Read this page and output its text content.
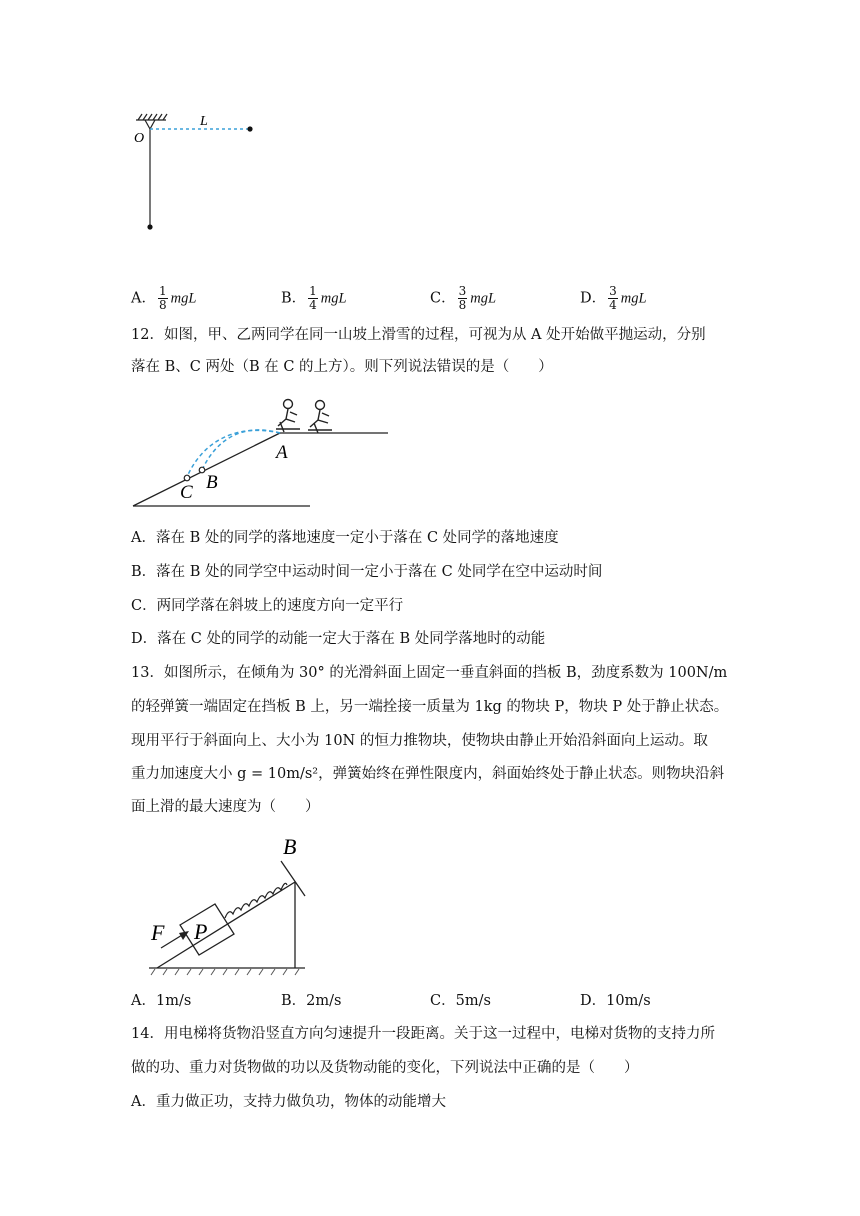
O
L
A． $\frac{1}{8}$ mgL	B． $\frac{1}{4}$ mgL	C． $\frac{3}{8}$ mgL	D． $\frac{3}{4}$ mgL
12．如图，甲、乙两同学在同一山坡上滑雪的过程，可视为从 A 处开始做平抛运动，分别
落在 B、C 两处（B 在 C 的上方）。则下列说法错误的是（　　）
A
B
C
A．落在 B 处的同学的落地速度一定小于落在 C 处同学的落地速度
B．落在 B 处的同学空中运动时间一定小于落在 C 处同学在空中运动时间
C．两同学落在斜坡上的速度方向一定平行
D．落在 C 处的同学的动能一定大于落在 B 处同学落地时的动能
13．如图所示，在倾角为 30° 的光滑斜面上固定一垂直斜面的挡板 B，劲度系数为 100N/m
的轻弹簧一端固定在挡板 B 上，另一端拴接一质量为 1kg 的物块 P，物块 P 处于静止状态。
现用平行于斜面向上、大小为 10N 的恒力推物块，使物块由静止开始沿斜面向上运动。取
重力加速度大小 g = 10m/s²，弹簧始终在弹性限度内，斜面始终处于静止状态。则物块沿斜
面上滑的最大速度为（　　）
F P
B
A．1m/s	B．2m/s	C．5m/s	D．10m/s
14．用电梯将货物沿竖直方向匀速提升一段距离。关于这一过程中，电梯对货物的支持力所
做的功、重力对货物做的功以及货物动能的变化，下列说法中正确的是（　　）
A．重力做正功，支持力做负功，物体的动能增大
